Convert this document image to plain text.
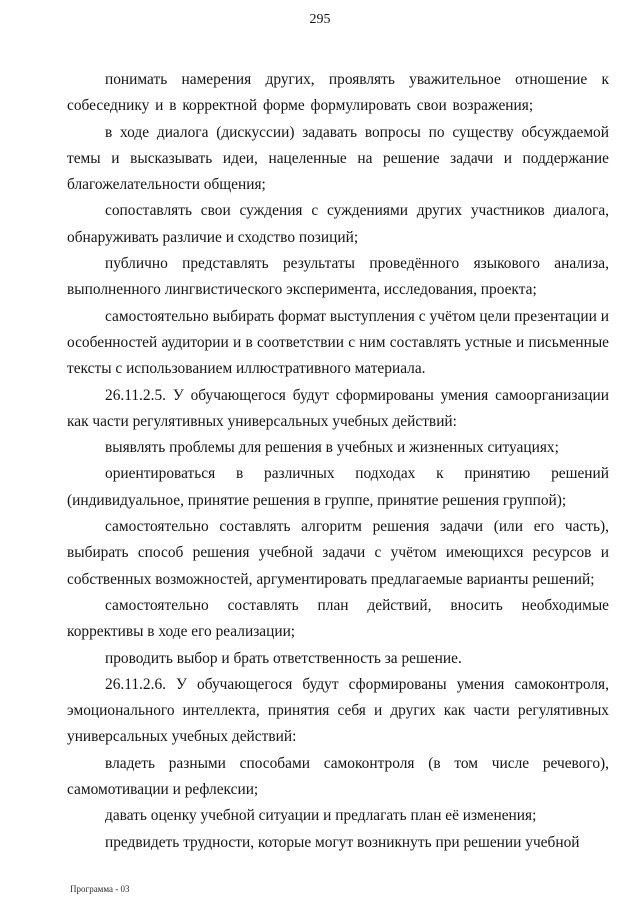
295

понимать намерения других, проявлять уважительное отношение к собеседнику и в корректной форме формулировать свои возражения;

в ходе диалога (дискуссии) задавать вопросы по существу обсуждаемой темы и высказывать идеи, нацеленные на решение задачи и поддержание благожелательности общения;

сопоставлять свои суждения с суждениями других участников диалога, обнаруживать различие и сходство позиций;

публично представлять результаты проведённого языкового анализа, выполненного лингвистического эксперимента, исследования, проекта;

самостоятельно выбирать формат выступления с учётом цели презентации и особенностей аудитории и в соответствии с ним составлять устные и письменные тексты с использованием иллюстративного материала.

26.11.2.5. У обучающегося будут сформированы умения самоорганизации как части регулятивных универсальных учебных действий:

выявлять проблемы для решения в учебных и жизненных ситуациях;

ориентироваться в различных подходах к принятию решений (индивидуальное, принятие решения в группе, принятие решения группой);

самостоятельно составлять алгоритм решения задачи (или его часть), выбирать способ решения учебной задачи с учётом имеющихся ресурсов и собственных возможностей, аргументировать предлагаемые варианты решений;

самостоятельно составлять план действий, вносить необходимые коррективы в ходе его реализации;

проводить выбор и брать ответственность за решение.

26.11.2.6. У обучающегося будут сформированы умения самоконтроля, эмоционального интеллекта, принятия себя и других как части регулятивных универсальных учебных действий:

владеть разными способами самоконтроля (в том числе речевого), самомотивации и рефлексии;

давать оценку учебной ситуации и предлагать план её изменения;

предвидеть трудности, которые могут возникнуть при решении учебной

Программа - 03
